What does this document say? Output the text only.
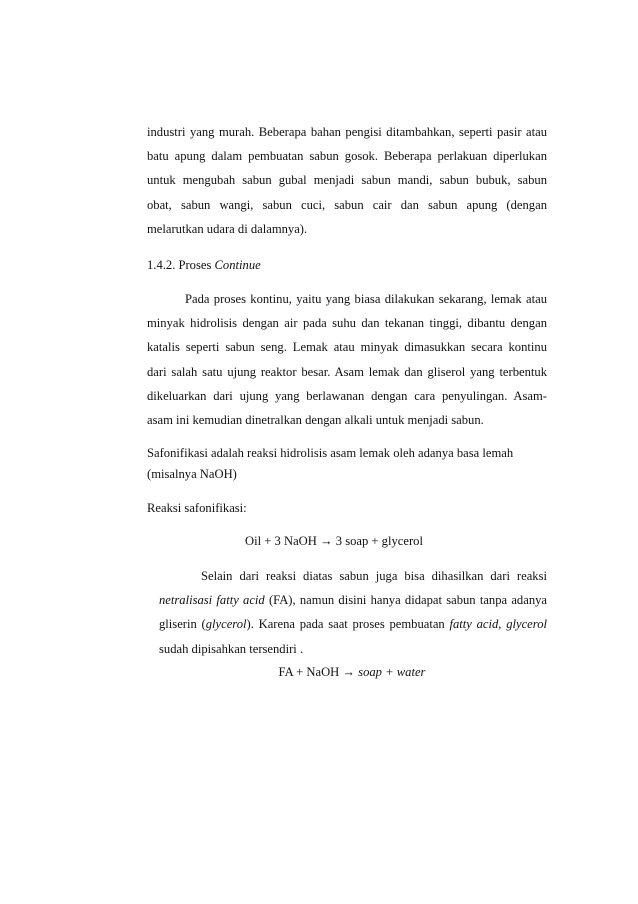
industri yang murah. Beberapa bahan pengisi ditambahkan, seperti pasir atau
batu apung dalam pembuatan sabun gosok. Beberapa perlakuan diperlukan
untuk mengubah sabun gubal menjadi sabun mandi, sabun bubuk, sabun
obat, sabun wangi, sabun cuci, sabun cair dan sabun apung (dengan
melarutkan udara di dalamnya).
1.4.2. Proses Continue
Pada proses kontinu, yaitu yang biasa dilakukan sekarang, lemak atau
minyak hidrolisis dengan air pada suhu dan tekanan tinggi, dibantu dengan
katalis seperti sabun seng. Lemak atau minyak dimasukkan secara kontinu
dari salah satu ujung reaktor besar. Asam lemak dan gliserol yang terbentuk
dikeluarkan dari ujung yang berlawanan dengan cara penyulingan. Asam-
asam ini kemudian dinetralkan dengan alkali untuk menjadi sabun.
Safonifikasi adalah reaksi hidrolisis asam lemak oleh adanya basa lemah
(misalnya NaOH)
Reaksi safonifikasi:
Oil + 3 NaOH → 3 soap + glycerol
Selain dari reaksi diatas sabun juga bisa dihasilkan dari reaksi
netralisasi fatty acid (FA), namun disini hanya didapat sabun tanpa adanya
gliserin (glycerol). Karena pada saat proses pembuatan fatty acid, glycerol
sudah dipisahkan tersendiri .
FA + NaOH → soap + water
